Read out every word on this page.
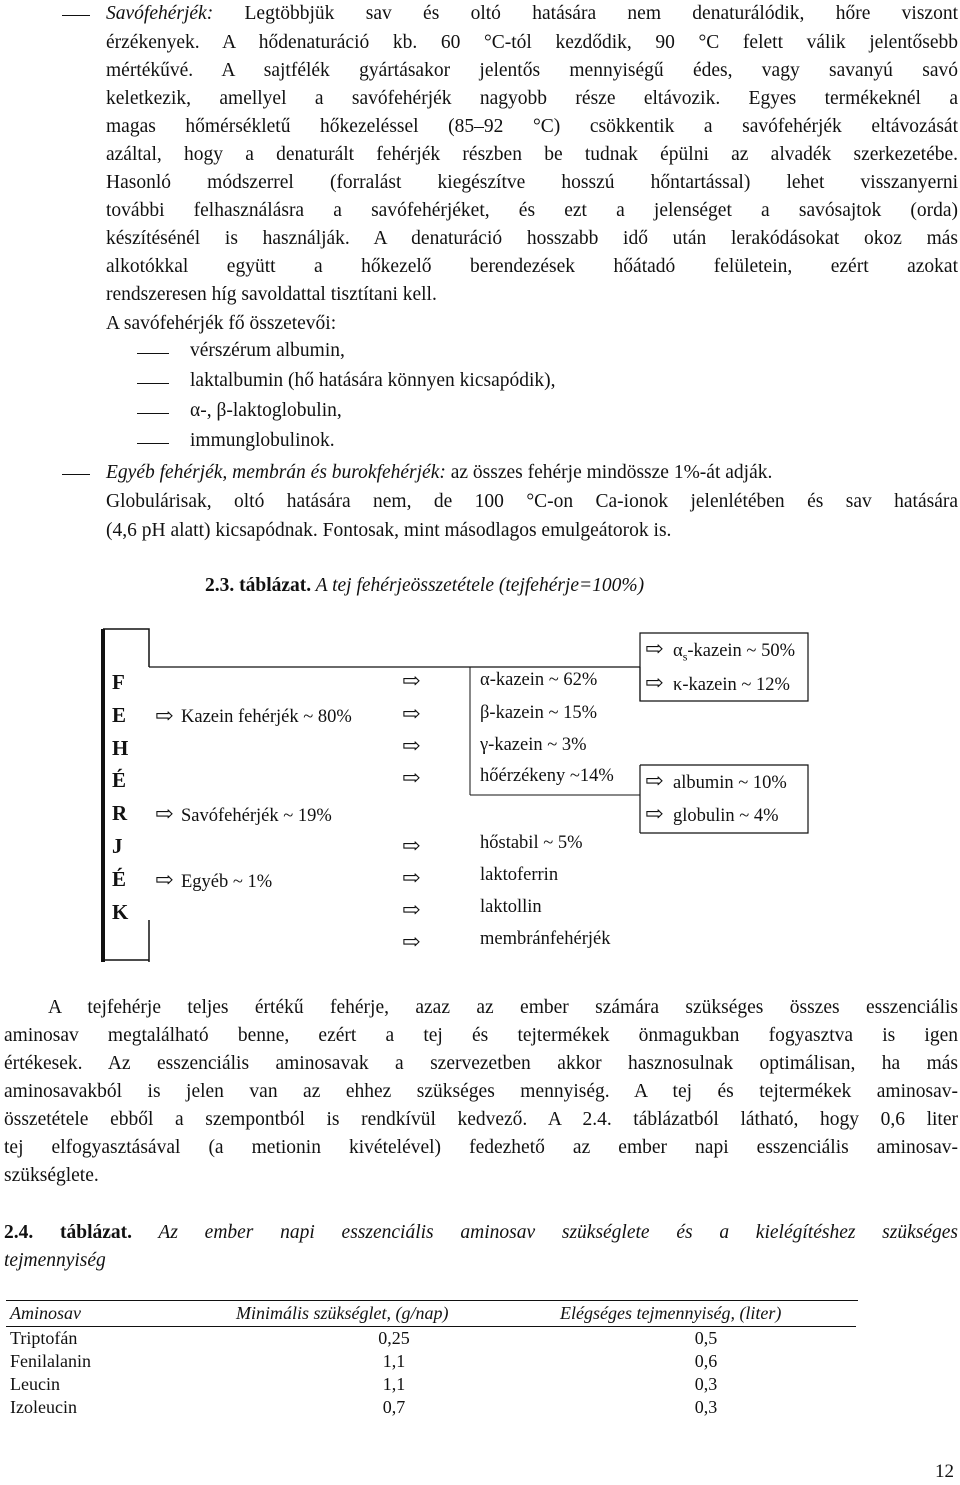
Savófehérjék: Legtöbbjük sav és oltó hatására nem denaturálódik, hőre viszont
érzékenyek. A hődenaturáció kb. 60 °C-tól kezdődik, 90 °C felett válik jelentősebb
mértékűvé. A sajtfélék gyártásakor jelentős mennyiségű édes, vagy savanyú savó
keletkezik, amellyel a savófehérjék nagyobb része eltávozik. Egyes termékeknél a
magas hőmérsékletű hőkezeléssel (85‒92 °C) csökkentik a savófehérjék eltávozását
azáltal, hogy a denaturált fehérjék részben be tudnak épülni az alvadék szerkezetébe.
Hasonló módszerrel (forralást kiegészítve hosszú hőntartással) lehet visszanyerni
további felhasználásra a savófehérjéket, és ezt a jelenséget a savósajtok (orda)
készítésénél is használják. A denaturáció hosszabb idő után lerakódásokat okoz más
alkotókkal együtt a hőkezelő berendezések hőátadó felületein, ezért azokat
rendszeresen híg savoldattal tisztítani kell.
A savófehérjék fő összetevői:
vérszérum albumin,
laktalbumin (hő hatására könnyen kicsapódik),
α-, β-laktoglobulin,
immunglobulinok.
Egyéb fehérjék, membrán és burokfehérjék: az összes fehérje mindössze 1%-át adják.
Globulárisak, oltó hatására nem, de 100 °C-on Ca-ionok jelenlétében és sav hatására
(4,6 pH alatt) kicsapódnak. Fontosak, mint másodlagos emulgeátorok is.
2.3. táblázat. A tej fehérjeösszetétele (tejfehérje=100%)
F
E
H
É
R
J
É
K
⇨ Kazein fehérjék ~ 80%
⇨ Savófehérjék ~ 19%
⇨ Egyéb ~ 1%
⇨
⇨
⇨
⇨
⇨
⇨
⇨
⇨
α-kazein ~ 62%
β-kazein ~ 15%
γ-kazein ~ 3%
hőérzékeny ~14%
hőstabil ~ 5%
laktoferrin
laktollin
membránfehérjék
⇨ $\alpha_s$-kazein ~ 50%
⇨ κ-kazein ~ 12%
⇨ albumin ~ 10%
⇨ globulin ~ 4%
A tejfehérje teljes értékű fehérje, azaz az ember számára szükséges összes esszenciális
aminosav megtalálható benne, ezért a tej és tejtermékek önmagukban fogyasztva is igen
értékesek. Az esszenciális aminosavak a szervezetben akkor hasznosulnak optimálisan, ha más
aminosavakból is jelen van az ehhez szükséges mennyiség. A tej és tejtermékek aminosav-
összetétele ebből a szempontból is rendkívül kedvező. A 2.4. táblázatból látható, hogy 0,6 liter
tej elfogyasztásával (a metionin kivételével) fedezhető az ember napi esszenciális aminosav-
szükséglete.
2.4. táblázat. Az ember napi esszenciális aminosav szükséglete és a kielégítéshez szükséges
tejmennyiség
Aminosav	Minimális szükséglet, (g/nap)	Elégséges tejmennyiség, (liter)
Triptofán	0,25	0,5
Fenilalanin	1,1	0,6
Leucin	1,1	0,3
Izoleucin	0,7	0,3
12
